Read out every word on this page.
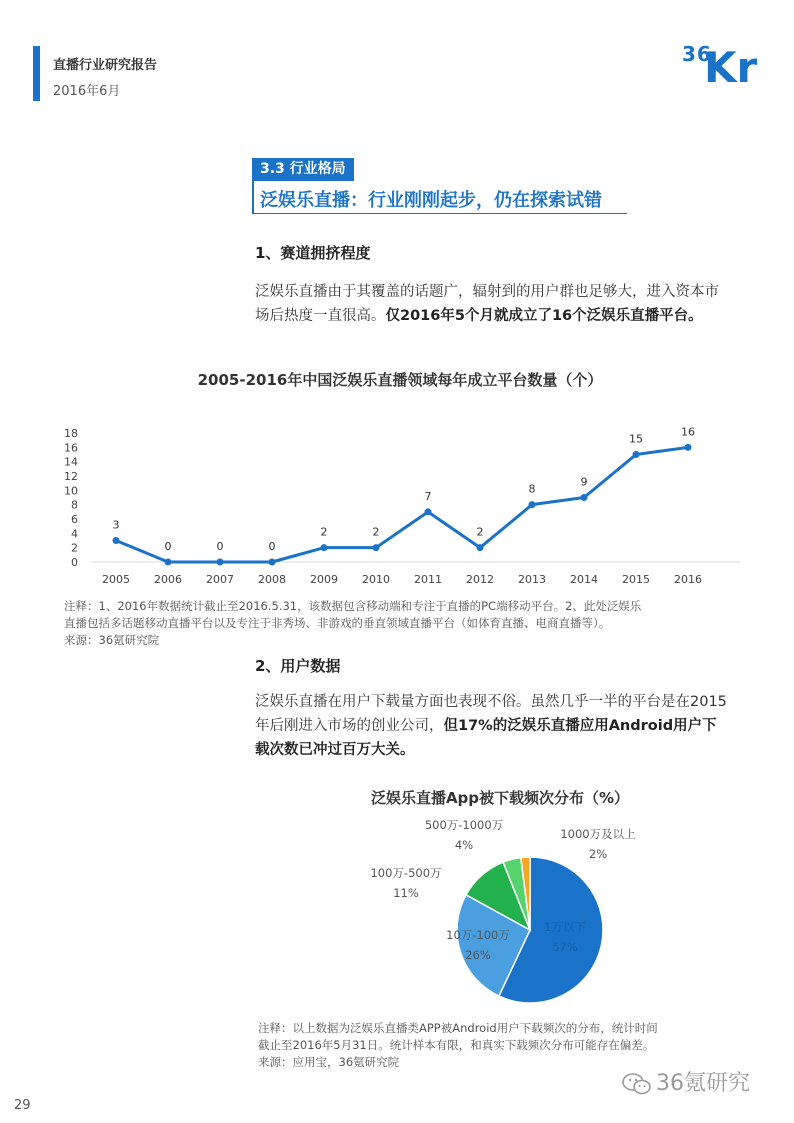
直播行业研究报告
2016年6月
36
Kr
3.3 行业格局
泛娱乐直播：行业刚刚起步，仍在探索试错
1、赛道拥挤程度
泛娱乐直播由于其覆盖的话题广，辐射到的用户群也足够大，进入资本市场后热度一直很高。仅2016年5个月就成立了16个泛娱乐直播平台。
2005-2016年中国泛娱乐直播领域每年成立平台数量（个）
0
2
4
6
8
10
12
14
16
18
2005 2006 2007 2008 2009 2010 2011 2012 2013 2014 2015 2016
3
0	0	0
2	2
7
2
8
9
15
16
注释：1、2016年数据统计截止至2016.5.31，该数据包含移动端和专注于直播的PC端移动平台。2、此处泛娱乐
直播包括多话题移动直播平台以及专注于非秀场、非游戏的垂直领域直播平台（如体育直播、电商直播等）。
来源：36氪研究院
2、用户数据
泛娱乐直播在用户下载量方面也表现不俗。虽然几乎一半的平台是在2015年后刚进入市场的创业公司，但17%的泛娱乐直播应用Android用户下载次数已冲过百万大关。
泛娱乐直播App被下载频次分布（%）
1万以下
57%
10万-100万
26%
100万-500万
11%
500万-1000万
4%
1000万及以上
2%
注释：以上数据为泛娱乐直播类APP被Android用户下载频次的分布，统计时间
截止至2016年5月31日。统计样本有限，和真实下载频次分布可能存在偏差。
来源：应用宝，36氪研究院
29
36氪研究
